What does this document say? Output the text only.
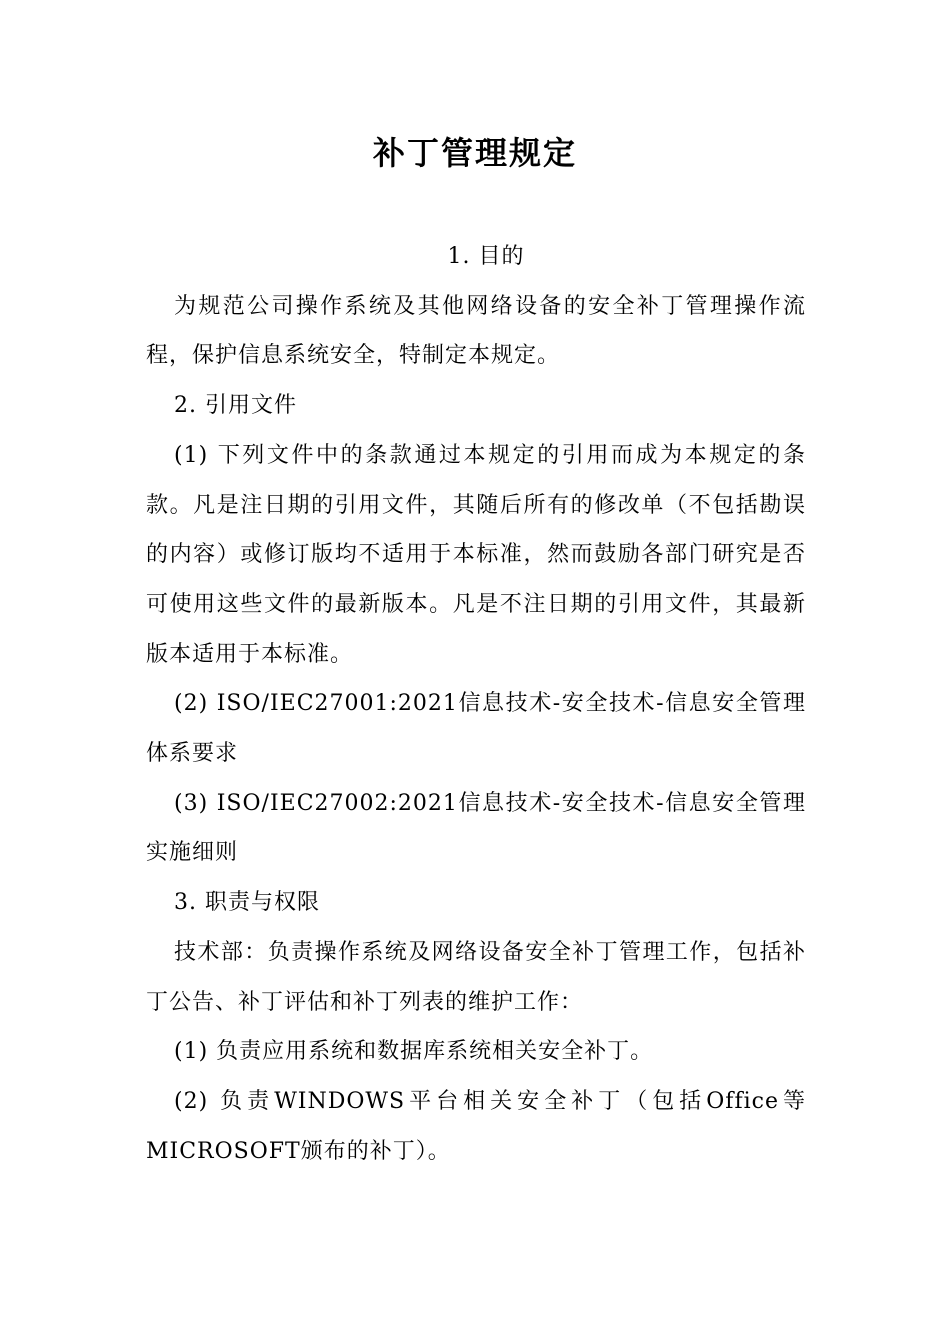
补丁管理规定

1. 目的

为规范公司操作系统及其他网络设备的安全补丁管理操作流程，保护信息系统安全，特制定本规定。

2. 引用文件

(1) 下列文件中的条款通过本规定的引用而成为本规定的条款。凡是注日期的引用文件，其随后所有的修改单（不包括勘误的内容）或修订版均不适用于本标准，然而鼓励各部门研究是否可使用这些文件的最新版本。凡是不注日期的引用文件，其最新版本适用于本标准。

(2) ISO/IEC27001:2021信息技术-安全技术-信息安全管理体系要求

(3) ISO/IEC27002:2021信息技术-安全技术-信息安全管理实施细则

3. 职责与权限

技术部：负责操作系统及网络设备安全补丁管理工作，包括补丁公告、补丁评估和补丁列表的维护工作：

(1) 负责应用系统和数据库系统相关安全补丁。

(2) 负责WINDOWS平台相关安全补丁（包括Office等MICROSOFT颁布的补丁）。
